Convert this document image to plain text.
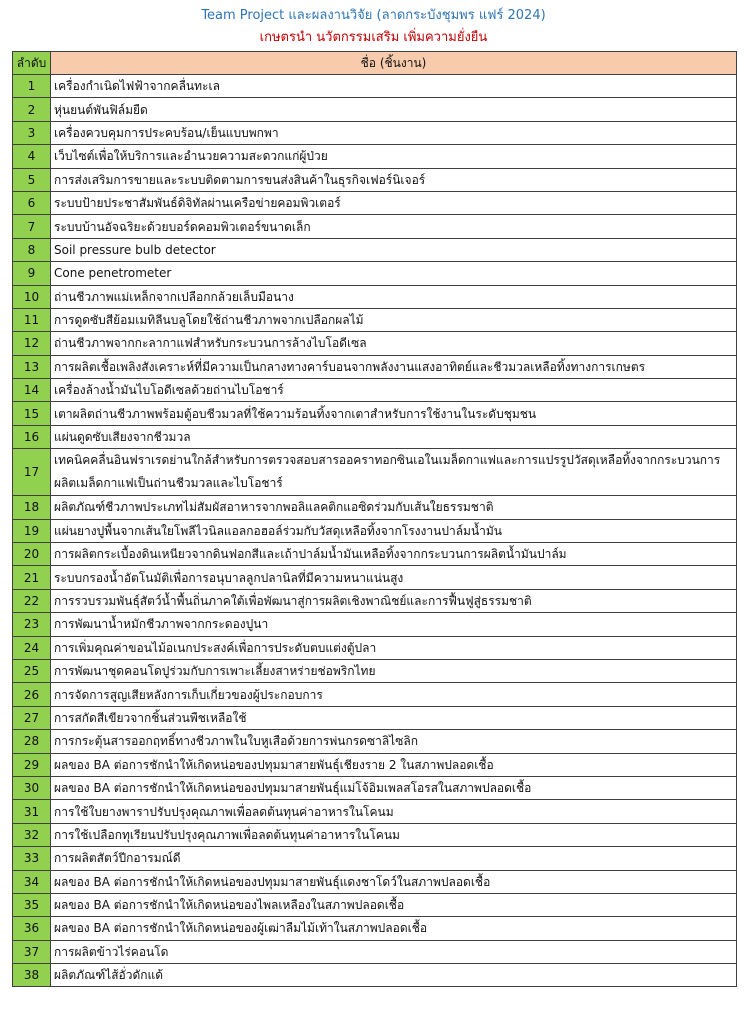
Team Project และผลงานวิจัย (ลาดกระบังชุมพร แฟร์ 2024)
เกษตรนำ นวัตกรรมเสริม เพิ่มความยั่งยืน
ลำดับ	ชื่อ (ชิ้นงาน)
1	เครื่องกำเนิดไฟฟ้าจากคลื่นทะเล
2	หุ่นยนต์พันฟิล์มยืด
3	เครื่องควบคุมการประคบร้อน/เย็นแบบพกพา
4	เว็บไซต์เพื่อให้บริการและอำนวยความสะดวกแก่ผู้ป่วย
5	การส่งเสริมการขายและระบบติดตามการขนส่งสินค้าในธุรกิจเฟอร์นิเจอร์
6	ระบบป้ายประชาสัมพันธ์ดิจิทัลผ่านเครือข่ายคอมพิวเตอร์
7	ระบบบ้านอัจฉริยะด้วยบอร์ดคอมพิวเตอร์ขนาดเล็ก
8	Soil pressure bulb detector
9	Cone penetrometer
10	ถ่านชีวภาพแม่เหล็กจากเปลือกกล้วยเล็บมือนาง
11	การดูดซับสีย้อมเมทิลีนบลูโดยใช้ถ่านชีวภาพจากเปลือกผลไม้
12	ถ่านชีวภาพจากกะลากาแฟสำหรับกระบวนการล้างไบโอดีเซล
13	การผลิตเชื้อเพลิงสังเคราะห์ที่มีความเป็นกลางทางคาร์บอนจากพลังงานแสงอาทิตย์และชีวมวลเหลือทิ้งทางการเกษตร
14	เครื่องล้างน้ำมันไบโอดีเซลด้วยถ่านไบโอชาร์
15	เตาผลิตถ่านชีวภาพพร้อมตู้อบชีวมวลที่ใช้ความร้อนทิ้งจากเตาสำหรับการใช้งานในระดับชุมชน
16	แผ่นดูดซับเสียงจากชีวมวล
17	เทคนิคคลื่นอินฟราเรดย่านใกล้สำหรับการตรวจสอบสารออคราทอกซินเอในเมล็ดกาแฟและการแปรรูปวัสดุเหลือทิ้งจากกระบวนการผลิตเมล็ดกาแฟเป็นถ่านชีวมวลและไบโอชาร์
18	ผลิตภัณฑ์ชีวภาพประเภทไม่สัมผัสอาหารจากพอลิแลคติกแอซิดร่วมกับเส้นใยธรรมชาติ
19	แผ่นยางปูพื้นจากเส้นใยโพลีไวนิลแอลกอฮอล์ร่วมกับวัสดุเหลือทิ้งจากโรงงานปาล์มน้ำมัน
20	การผลิตกระเบื้องดินเหนียวจากดินฟอกสีและเถ้าปาล์มน้ำมันเหลือทิ้งจากกระบวนการผลิตน้ำมันปาล์ม
21	ระบบกรองน้ำอัตโนมัติเพื่อการอนุบาลลูกปลานิลที่มีความหนาแน่นสูง
22	การรวบรวมพันธุ์สัตว์น้ำพื้นถิ่นภาคใต้เพื่อพัฒนาสู่การผลิตเชิงพาณิชย์และการฟื้นฟูสู่ธรรมชาติ
23	การพัฒนาน้ำหมักชีวภาพจากกระดองปูนา
24	การเพิ่มคุณค่าขอนไม้อเนกประสงค์เพื่อการประดับตบแต่งตู้ปลา
25	การพัฒนาชุดคอนโดปูร่วมกับการเพาะเลี้ยงสาหร่ายช่อพริกไทย
26	การจัดการสูญเสียหลังการเก็บเกี่ยวของผู้ประกอบการ
27	การสกัดสีเขียวจากชิ้นส่วนพืชเหลือใช้
28	การกระตุ้นสารออกฤทธิ์ทางชีวภาพในใบหูเสือด้วยการพ่นกรดซาลิไซลิก
29	ผลของ BA ต่อการชักนำให้เกิดหน่อของปทุมมาสายพันธุ์เชียงราย 2 ในสภาพปลอดเชื้อ
30	ผลของ BA ต่อการชักนำให้เกิดหน่อของปทุมมาสายพันธุ์แม่โจ้อิมเพลสโอรสในสภาพปลอดเชื้อ
31	การใช้ใบยางพาราปรับปรุงคุณภาพเพื่อลดต้นทุนค่าอาหารในโคนม
32	การใช้เปลือกทุเรียนปรับปรุงคุณภาพเพื่อลดต้นทุนค่าอาหารในโคนม
33	การผลิตสัตว์ปีกอารมณ์ดี
34	ผลของ BA ต่อการชักนำให้เกิดหน่อของปทุมมาสายพันธุ์แดงชาโดว์ในสภาพปลอดเชื้อ
35	ผลของ BA ต่อการชักนำให้เกิดหน่อของไพลเหลืองในสภาพปลอดเชื้อ
36	ผลของ BA ต่อการชักนำให้เกิดหน่อของผู้เฒ่าลืมไม้เท้าในสภาพปลอดเชื้อ
37	การผลิตข้าวไร่คอนโด
38	ผลิตภัณฑ์ไส้อั่วดักแด้
